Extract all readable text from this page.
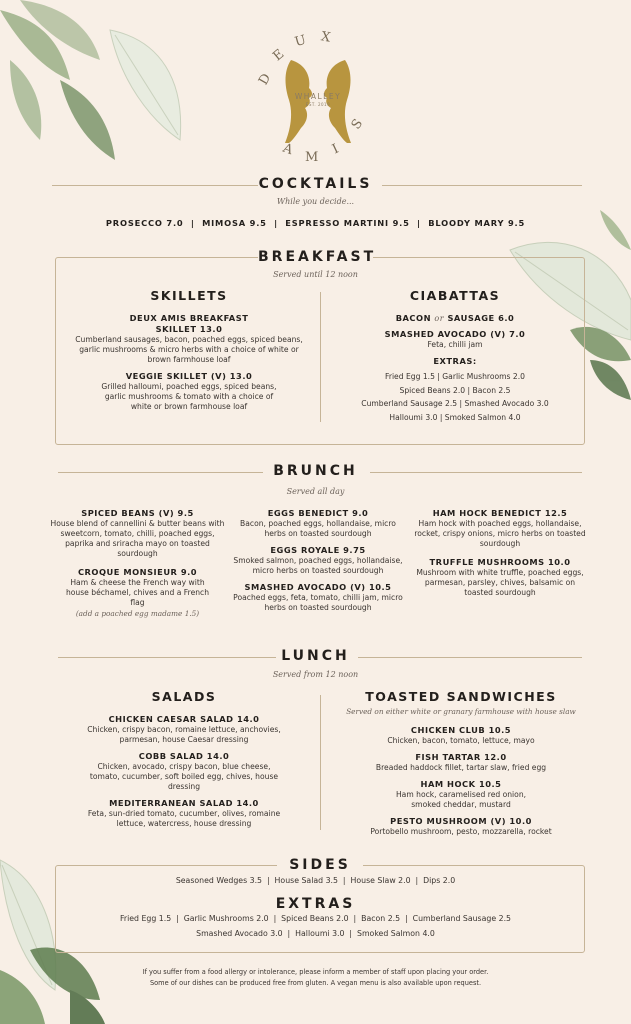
D
E
U X
WHALLEY
EST. 2019
A M
I
S
COCKTAILS
While you decide...
PROSECCO 7.0  |  MIMOSA 9.5  |  ESPRESSO MARTINI 9.5  |  BLOODY MARY 9.5
BREAKFAST
Served until 12 noon
SKILLETS
DEUX AMIS BREAKFAST SKILLET 13.0
Cumberland sausages, bacon, poached eggs, spiced beans, garlic mushrooms & micro herbs with a choice of white or brown farmhouse loaf
VEGGIE SKILLET (V) 13.0
Grilled halloumi, poached eggs, spiced beans, garlic mushrooms & tomato with a choice of white or brown farmhouse loaf
CIABATTAS
BACON or SAUSAGE 6.0
SMASHED AVOCADO (V) 7.0
Feta, chilli jam
EXTRAS:
Fried Egg 1.5 | Garlic Mushrooms 2.0
Spiced Beans 2.0 | Bacon 2.5
Cumberland Sausage 2.5 | Smashed Avocado 3.0
Halloumi 3.0 | Smoked Salmon 4.0
BRUNCH
Served all day
SPICED BEANS (V) 9.5
House blend of cannellini & butter beans with sweetcorn, tomato, chilli, poached eggs, paprika and sriracha mayo on toasted sourdough
CROQUE MONSIEUR 9.0
Ham & cheese the French way with house béchamel, chives and a French flag
(add a poached egg madame 1.5)
EGGS BENEDICT 9.0
Bacon, poached eggs, hollandaise, micro herbs on toasted sourdough
EGGS ROYALE 9.75
Smoked salmon, poached eggs, hollandaise, micro herbs on toasted sourdough
SMASHED AVOCADO (V) 10.5
Poached eggs, feta, tomato, chilli jam, micro herbs on toasted sourdough
HAM HOCK BENEDICT 12.5
Ham hock with poached eggs, hollandaise, rocket, crispy onions, micro herbs on toasted sourdough
TRUFFLE MUSHROOMS 10.0
Mushroom with white truffle, poached eggs, parmesan, parsley, chives, balsamic on toasted sourdough
LUNCH
Served from 12 noon
SALADS
CHICKEN CAESAR SALAD 14.0
Chicken, crispy bacon, romaine lettuce, anchovies, parmesan, house Caesar dressing
COBB SALAD 14.0
Chicken, avocado, crispy bacon, blue cheese, tomato, cucumber, soft boiled egg, chives, house dressing
MEDITERRANEAN SALAD 14.0
Feta, sun-dried tomato, cucumber, olives, romaine lettuce, watercress, house dressing
TOASTED SANDWICHES
Served on either white or granary farmhouse with house slaw
CHICKEN CLUB 10.5
Chicken, bacon, tomato, lettuce, mayo
FISH TARTAR 12.0
Breaded haddock fillet, tartar slaw, fried egg
HAM HOCK 10.5
Ham hock, caramelised red onion, smoked cheddar, mustard
PESTO MUSHROOM (V) 10.0
Portobello mushroom, pesto, mozzarella, rocket
SIDES
Seasoned Wedges 3.5  |  House Salad 3.5  |  House Slaw 2.0  |  Dips 2.0
EXTRAS
Fried Egg 1.5  |  Garlic Mushrooms 2.0  |  Spiced Beans 2.0  |  Bacon 2.5  |  Cumberland Sausage 2.5
Smashed Avocado 3.0  |  Halloumi 3.0  |  Smoked Salmon 4.0
If you suffer from a food allergy or intolerance, please inform a member of staff upon placing your order.
Some of our dishes can be produced free from gluten. A vegan menu is also available upon request.
